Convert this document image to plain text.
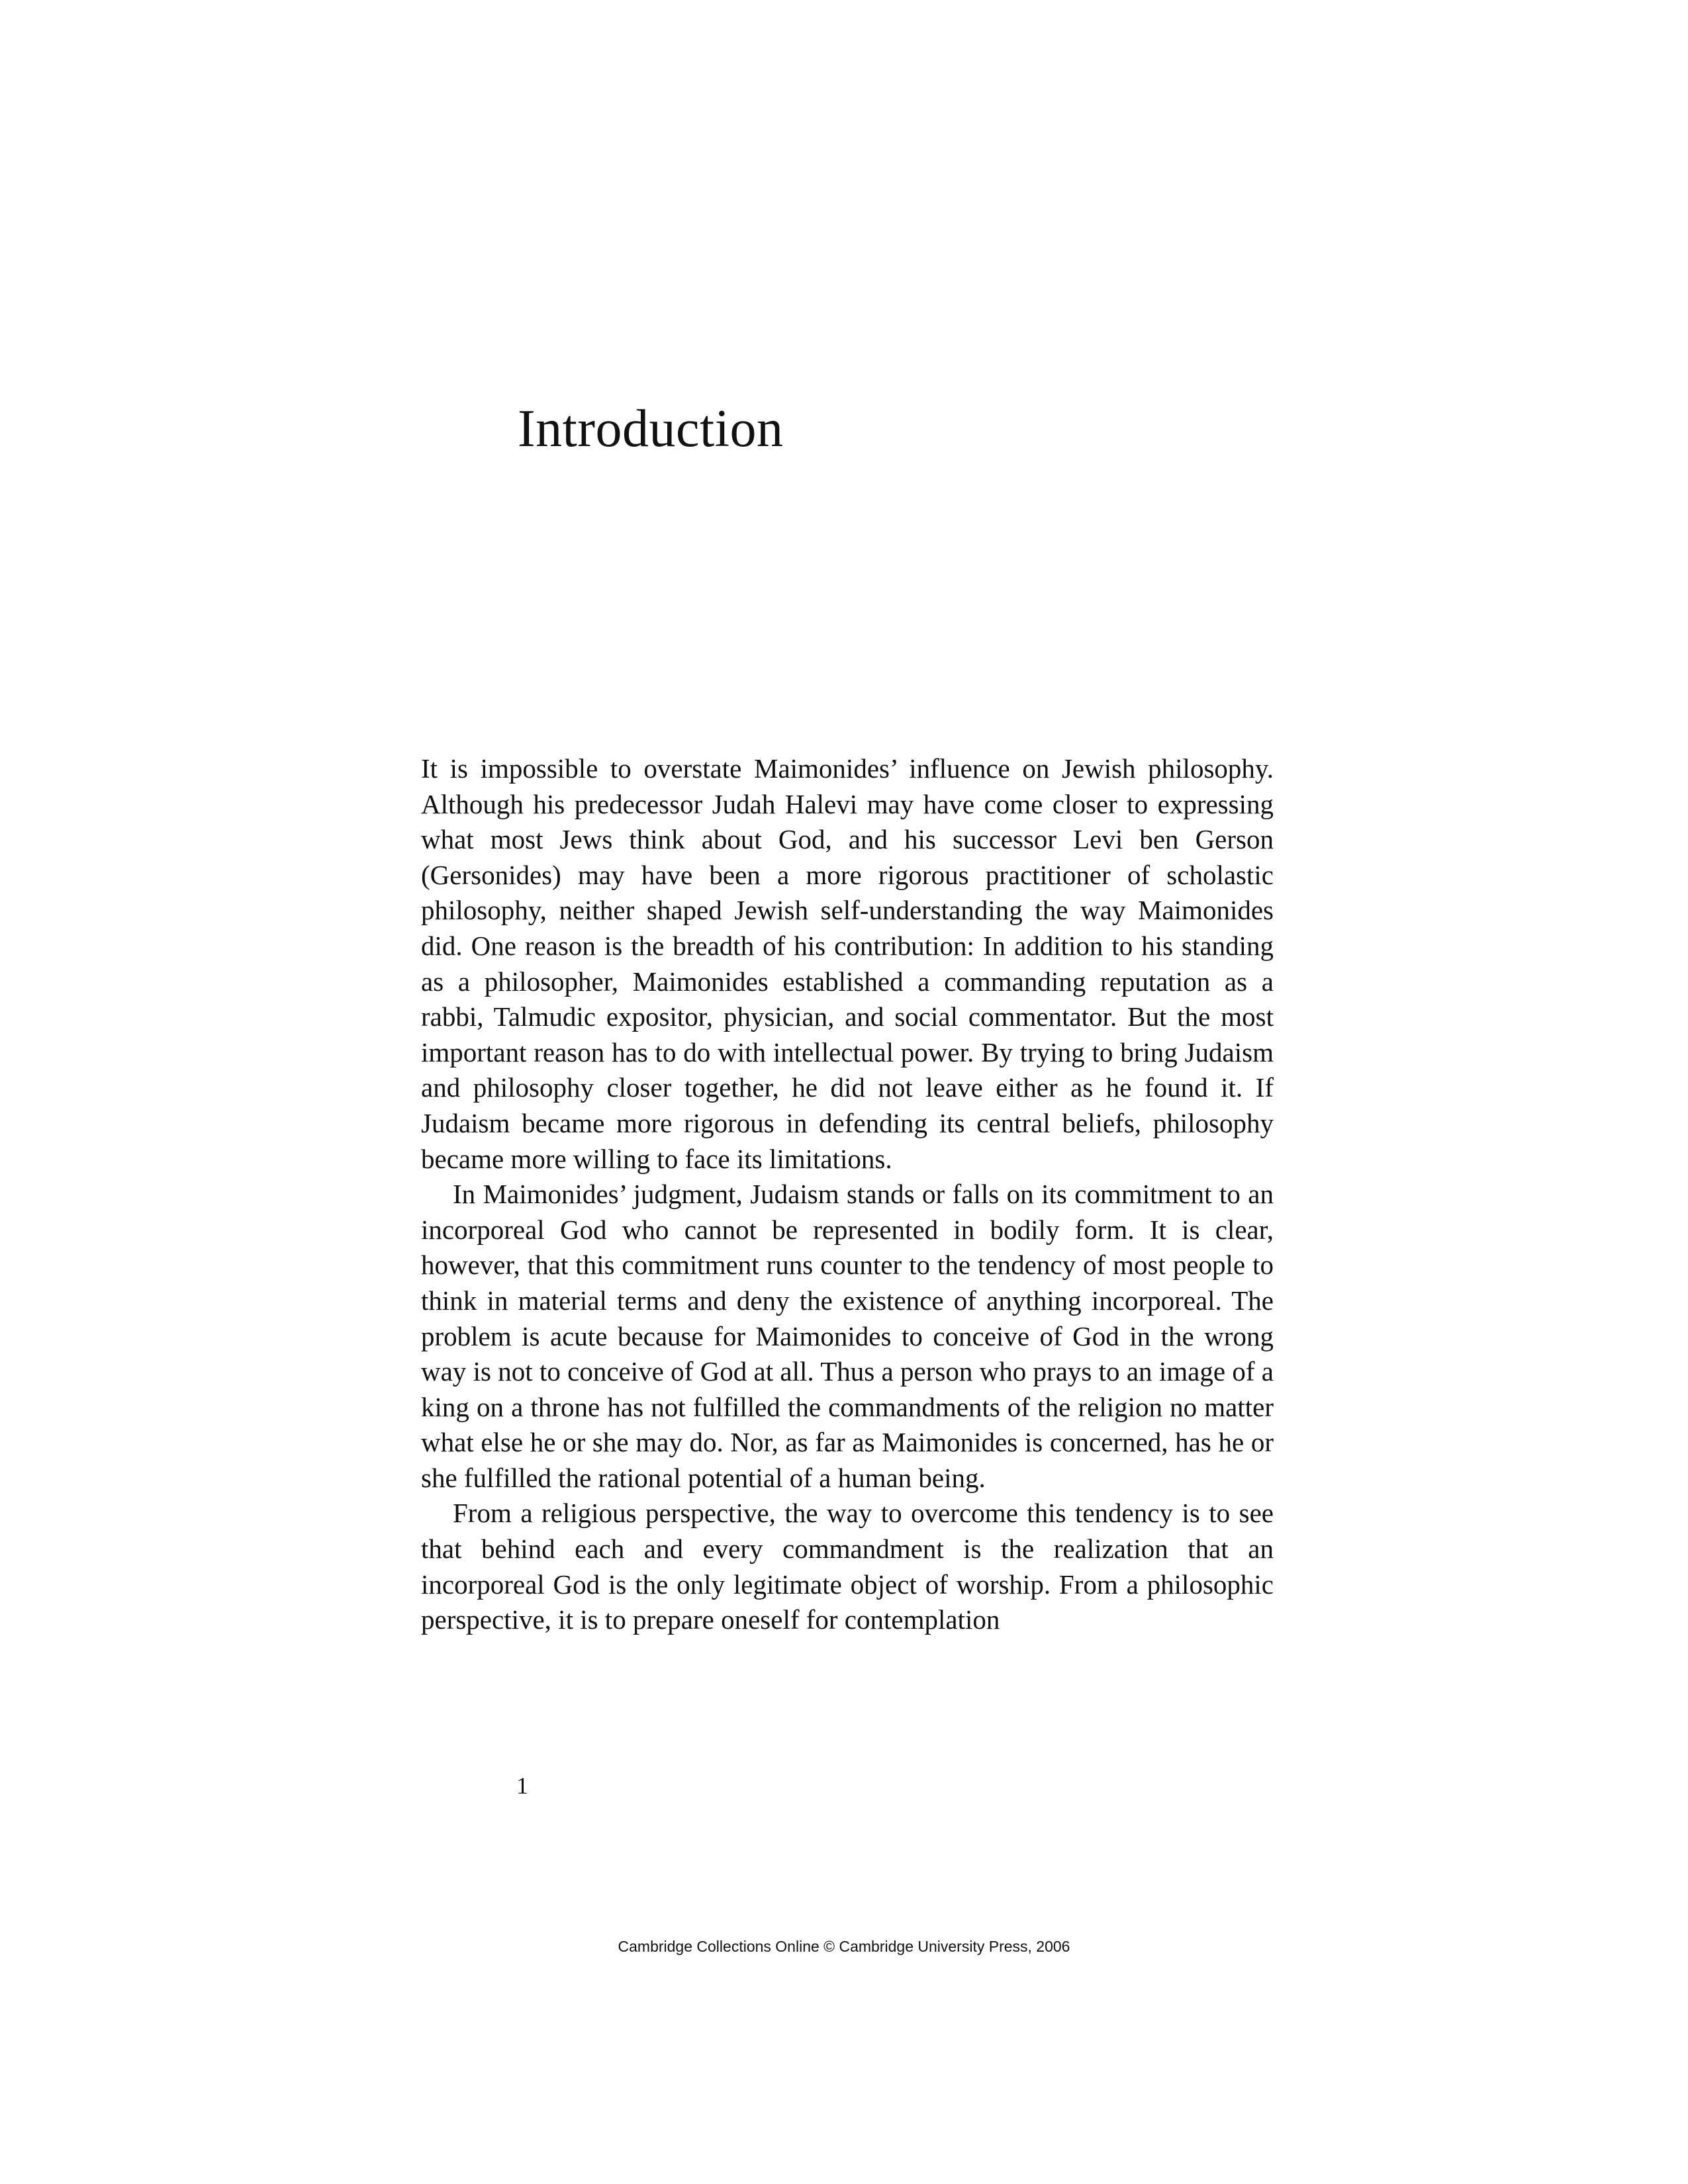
Introduction

It is impossible to overstate Maimonides’ influence on Jewish philosophy. Although his predecessor Judah Halevi may have come closer to expressing what most Jews think about God, and his successor Levi ben Gerson (Gersonides) may have been a more rigorous practitioner of scholastic philosophy, neither shaped Jewish self-understanding the way Maimonides did. One reason is the breadth of his contribution: In addition to his standing as a philosopher, Maimonides established a commanding reputation as a rabbi, Talmudic expositor, physician, and social commentator. But the most important reason has to do with intellectual power. By trying to bring Judaism and philosophy closer together, he did not leave either as he found it. If Judaism became more rigorous in defending its central beliefs, philosophy became more willing to face its limitations.

In Maimonides’ judgment, Judaism stands or falls on its commitment to an incorporeal God who cannot be represented in bodily form. It is clear, however, that this commitment runs counter to the tendency of most people to think in material terms and deny the existence of anything incorporeal. The problem is acute because for Maimonides to conceive of God in the wrong way is not to conceive of God at all. Thus a person who prays to an image of a king on a throne has not fulfilled the commandments of the religion no matter what else he or she may do. Nor, as far as Maimonides is concerned, has he or she fulfilled the rational potential of a human being.

From a religious perspective, the way to overcome this tendency is to see that behind each and every commandment is the realization that an incorporeal God is the only legitimate object of worship. From a philosophic perspective, it is to prepare oneself for contemplation

1
Cambridge Collections Online © Cambridge University Press, 2006
